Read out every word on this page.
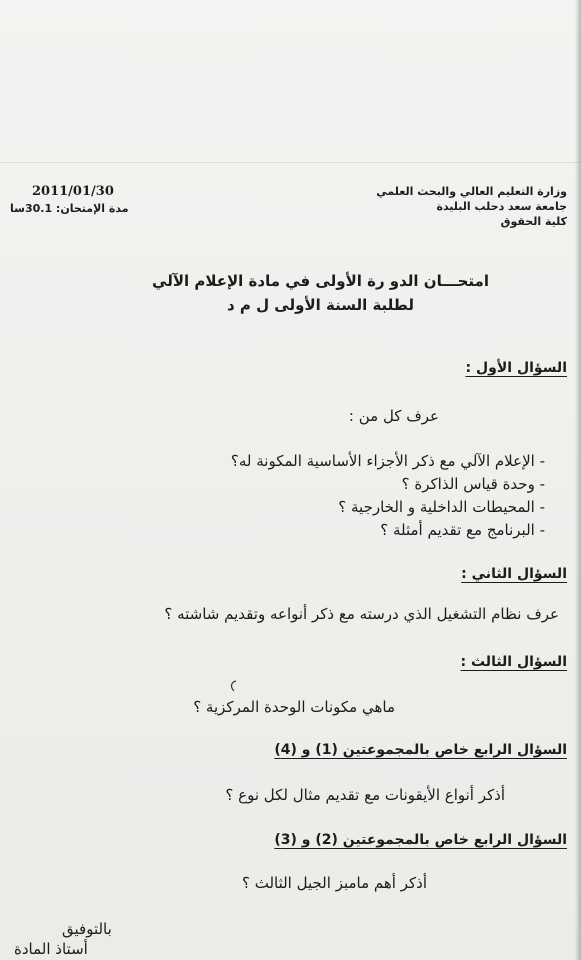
وزارة التعليم العالي والبحث العلمي
جامعة سعد دحلب البليدة
كلية الحقوق
2011/01/30
مدة الإمتحان: 30.1سا
امتحـــان الدو رة الأولى في مادة الإعلام الآلي
لطلبة السنة الأولى ل م د
السؤال الأول :
عرف كل من :
- الإعلام الآلي مع ذكر الأجزاء الأساسية المكونة له؟
- وحدة قياس الذاكرة ؟
- المحيطات الداخلية و الخارجية ؟
- البرنامج مع تقديم أمثلة ؟
السؤال الثاني :
عرف نظام التشغيل الذي درسته مع ذكر أنواعه وتقديم شاشته ؟
السؤال الثالث :
ماهي مكونات الوحدة المركزية ؟
السؤال الرابع خاص بالمجموعتين (1) و (4)
أذكر أنواع الأيقونات مع تقديم مثال لكل نوع ؟
السؤال الرابع خاص بالمجموعتين (2) و (3)
أذكر أهم مامبز الجيل الثالث ؟
بالتوفيق
أستاذ المادة
